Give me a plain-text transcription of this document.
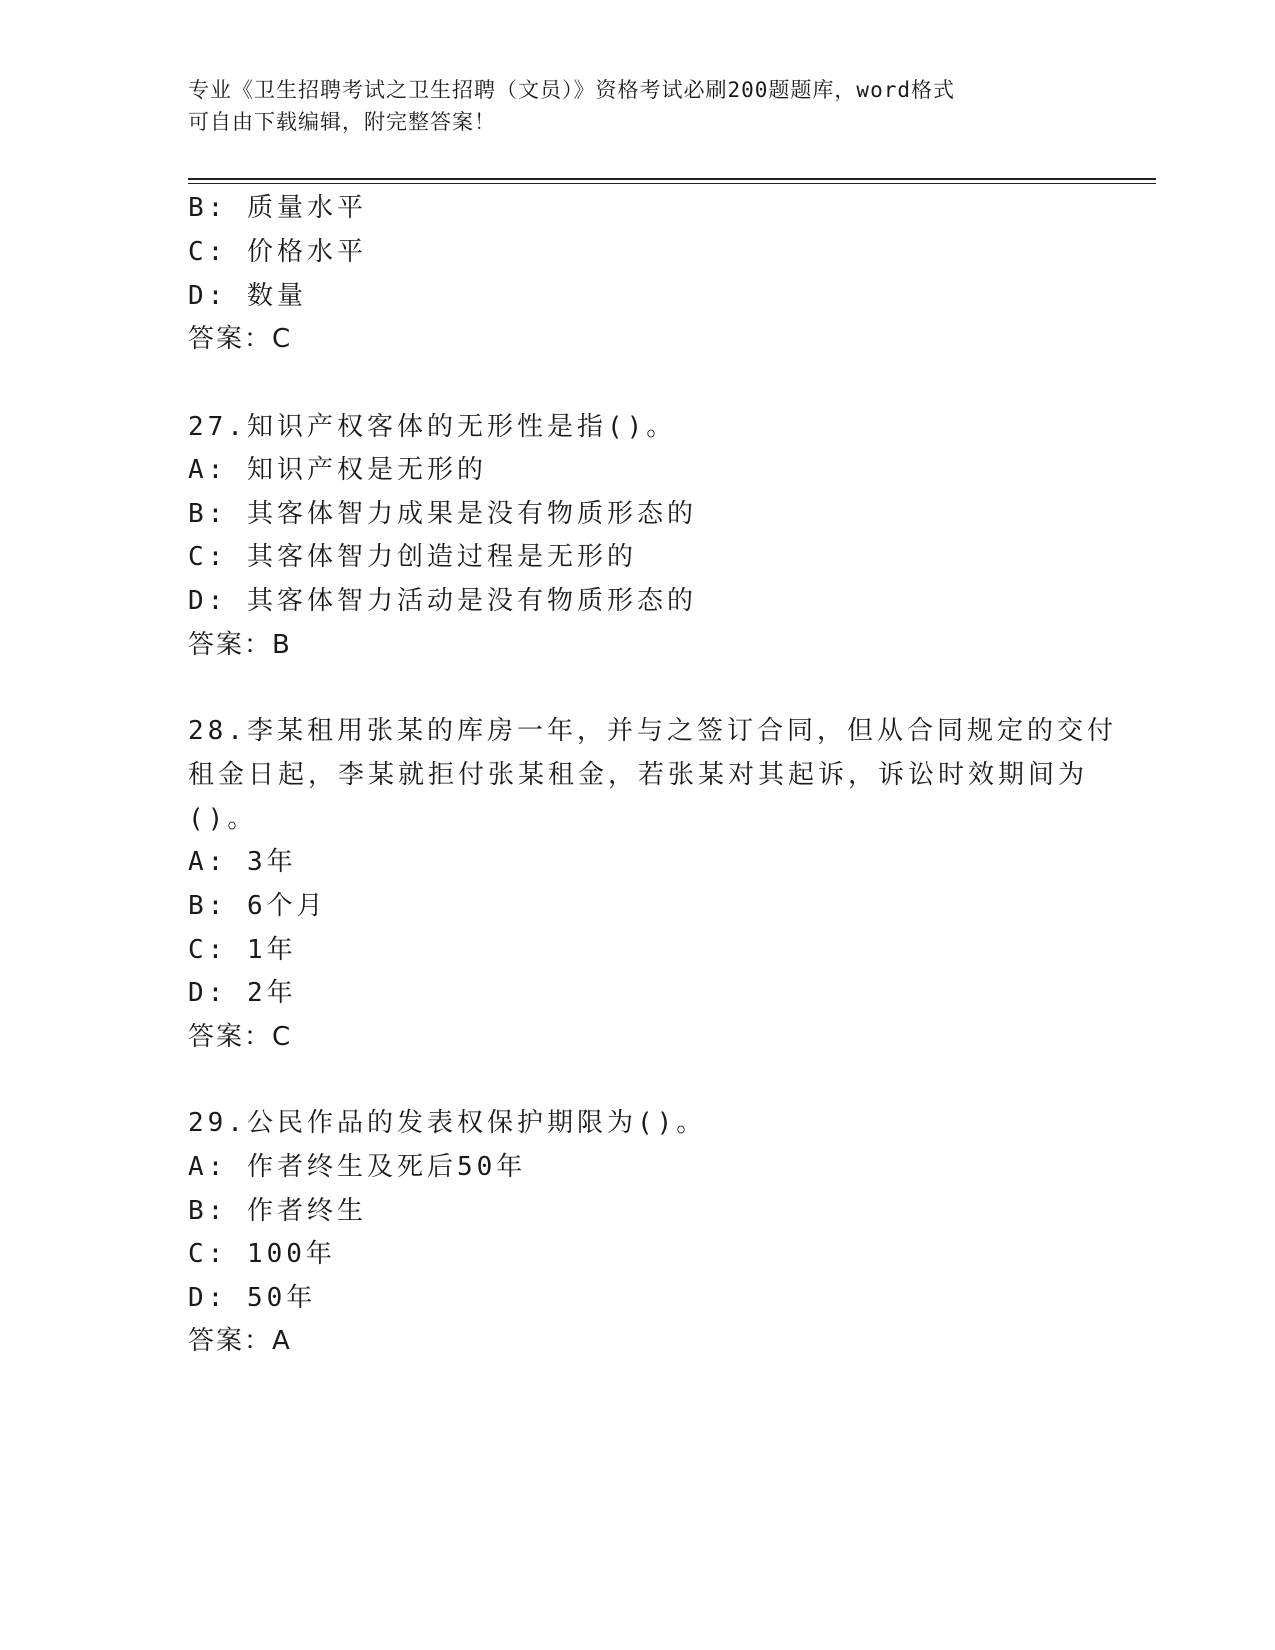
专业《卫生招聘考试之卫生招聘（文员）》资格考试必刷200题题库，word格式
可自由下载编辑，附完整答案！
B: 质量水平
C: 价格水平
D: 数量
答案：C
27.知识产权客体的无形性是指()。
A: 知识产权是无形的
B: 其客体智力成果是没有物质形态的
C: 其客体智力创造过程是无形的
D: 其客体智力活动是没有物质形态的
答案：B
28.李某租用张某的库房一年，并与之签订合同，但从合同规定的交付
租金日起，李某就拒付张某租金，若张某对其起诉，诉讼时效期间为
()。
A: 3年
B: 6个月
C: 1年
D: 2年
答案：C
29.公民作品的发表权保护期限为()。
A: 作者终生及死后50年
B: 作者终生
C: 100年
D: 50年
答案：A
